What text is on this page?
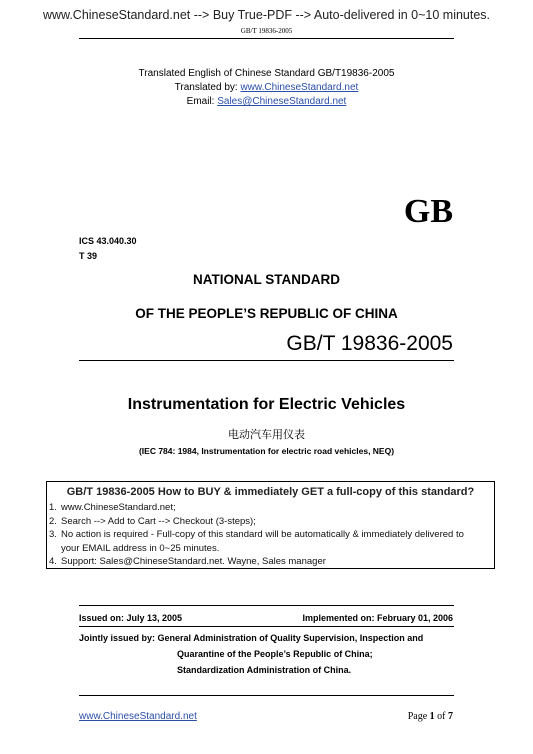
www.ChineseStandard.net --> Buy True-PDF --> Auto-delivered in 0~10 minutes.
GB/T 19836-2005
Translated English of Chinese Standard GB/T19836-2005
Translated by: www.ChineseStandard.net
Email: Sales@ChineseStandard.net
GB
ICS 43.040.30
T 39
NATIONAL STANDARD
OF THE PEOPLE’S REPUBLIC OF CHINA
GB/T 19836-2005
Instrumentation for Electric Vehicles
电动汽车用仪表
(IEC 784: 1984, Instrumentation for electric road vehicles, NEQ)
GB/T 19836-2005 How to BUY & immediately GET a full-copy of this standard?
1. www.ChineseStandard.net;
2. Search --> Add to Cart --> Checkout (3-steps);
3. No action is required - Full-copy of this standard will be automatically & immediately delivered to
your EMAIL address in 0~25 minutes.
4. Support: Sales@ChineseStandard.net. Wayne, Sales manager
Issued on: July 13, 2005	Implemented on: February 01, 2006
Jointly issued by: General Administration of Quality Supervision, Inspection and
Quarantine of the People’s Republic of China;
Standardization Administration of China.
www.ChineseStandard.net	Page 1 of 7
